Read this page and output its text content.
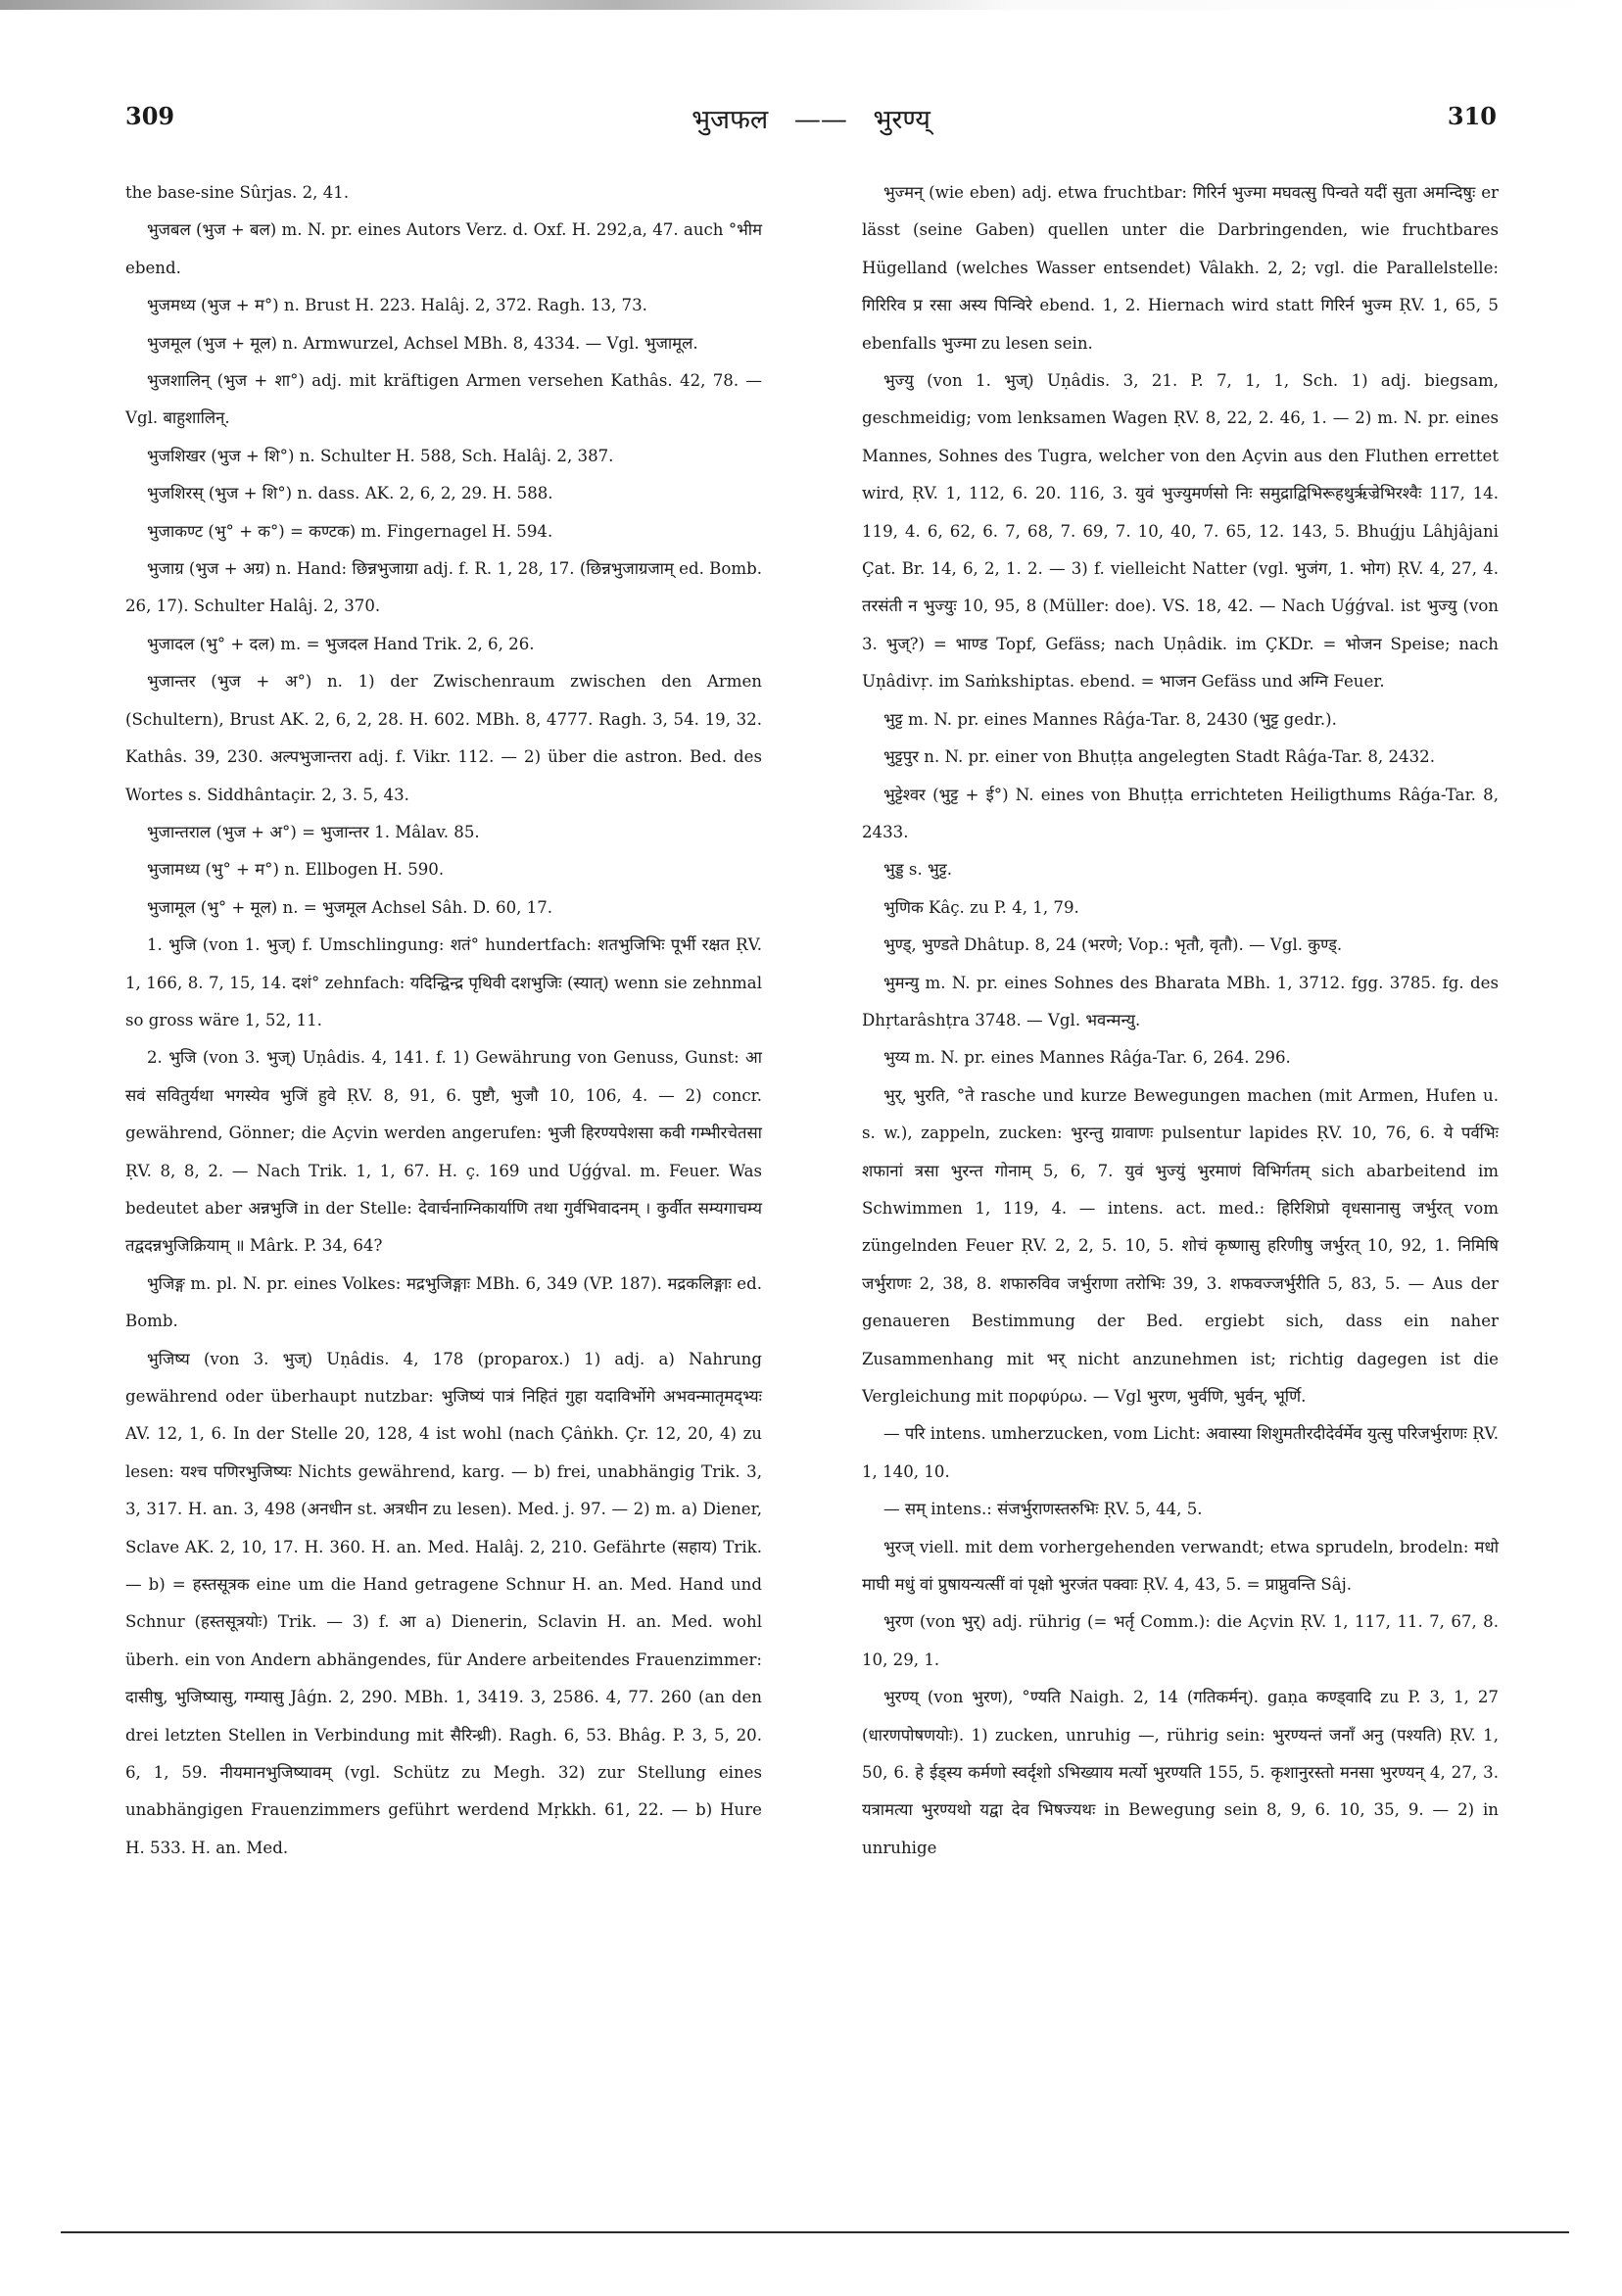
309	भुजफल —— भुरण्य्	310

the base-sine Sûrjas. 2, 41.

भुजबल (भुज + बल) m. N. pr. eines Autors Verz. d. Oxf. H. 292,a, 47. auch °भीम ebend.

भुजमध्य (भुज + म°) n. Brust H. 223. Halâj. 2, 372. Ragh. 13, 73.

भुजमूल (भुज + मूल) n. Armwurzel, Achsel MBh. 8, 4334. — Vgl. भुजामूल.

भुजशालिन् (भुज + शा°) adj. mit kräftigen Armen versehen Kathâs. 42, 78. — Vgl. बाहुशालिन्.

भुजशिखर (भुज + शि°) n. Schulter H. 588, Sch. Halâj. 2, 387.

भुजशिरस् (भुज + शि°) n. dass. AK. 2, 6, 2, 29. H. 588.

भुजाकण्ट (भु° + क°) = कण्टक) m. Fingernagel H. 594.

भुजाग्र (भुज + अग्र) n. Hand: छिन्नभुजाग्रा adj. f. R. 1, 28, 17. (छिन्नभुजाग्रजाम् ed. Bomb. 26, 17). Schulter Halâj. 2, 370.

भुजादल (भु° + दल) m. = भुजदल Hand Trik. 2, 6, 26.

भुजान्तर (भुज + अ°) n. 1) der Zwischenraum zwischen den Armen (Schultern), Brust AK. 2, 6, 2, 28. H. 602. MBh. 8, 4777. Ragh. 3, 54. 19, 32. Kathâs. 39, 230. अल्पभुजान्तरा adj. f. Vikr. 112. — 2) über die astron. Bed. des Wortes s. Siddhântaçir. 2, 3. 5, 43.

भुजान्तराल (भुज + अ°) = भुजान्तर 1. Mâlav. 85.

भुजामध्य (भु° + म°) n. Ellbogen H. 590.

भुजामूल (भु° + मूल) n. = भुजमूल Achsel Sâh. D. 60, 17.

1. भुजि (von 1. भुज्) f. Umschlingung: शतं° hundertfach: शतभुजिभिः पूर्भी रक्षत ṚV. 1, 166, 8. 7, 15, 14. दशं° zehnfach: यदिन्द्विन्द्र पृथिवी दशभुजिः (स्यात्) wenn sie zehnmal so gross wäre 1, 52, 11.

2. भुजि (von 3. भुज्) Uṇâdis. 4, 141. f. 1) Gewährung von Genuss, Gunst: आ सवं सवितुर्यथा भगस्येव भुजिं हुवे ṚV. 8, 91, 6. पुष्टौ, भुजौ 10, 106, 4. — 2) concr. gewährend, Gönner; die Açvin werden angerufen: भुजी हिरण्यपेशसा कवी गम्भीरचेतसा ṚV. 8, 8, 2. — Nach Trik. 1, 1, 67. H. ç. 169 und Uǵǵval. m. Feuer. Was bedeutet aber अन्नभुजि in der Stelle: देवार्चनाग्निकार्याणि तथा गुर्वभिवादनम् । कुर्वीत सम्यगाचम्य तद्वदन्नभुजिक्रियाम् ॥ Mârk. P. 34, 64?

भुजिङ्ग m. pl. N. pr. eines Volkes: मद्रभुजिङ्गाः MBh. 6, 349 (VP. 187). मद्रकलिङ्गाः ed. Bomb.

भुजिष्य (von 3. भुज्) Uṇâdis. 4, 178 (proparox.) 1) adj. a) Nahrung gewährend oder überhaupt nutzbar: भुजिष्यं पात्रं निहितं गुहा यदाविर्भोगे अभवन्मातृमद्भ्यः AV. 12, 1, 6. In der Stelle 20, 128, 4 ist wohl (nach Çâṅkh. Çr. 12, 20, 4) zu lesen: यश्च पणिरभुजिष्यः Nichts gewährend, karg. — b) frei, unabhängig Trik. 3, 3, 317. H. an. 3, 498 (अनधीन st. अत्रधीन zu lesen). Med. j. 97. — 2) m. a) Diener, Sclave AK. 2, 10, 17. H. 360. H. an. Med. Halâj. 2, 210. Gefährte (सहाय) Trik. — b) = हस्तसूत्रक eine um die Hand getragene Schnur H. an. Med. Hand und Schnur (हस्तसूत्रयोः) Trik. — 3) f. आ a) Dienerin, Sclavin H. an. Med. wohl überh. ein von Andern abhängendes, für Andere arbeitendes Frauenzimmer: दासीषु, भुजिष्यासु, गम्यासु Jâǵn. 2, 290. MBh. 1, 3419. 3, 2586. 4, 77. 260 (an den drei letzten Stellen in Verbindung mit सैरिन्ध्री). Ragh. 6, 53. Bhâg. P. 3, 5, 20. 6, 1, 59. नीयमानभुजिष्यावम् (vgl. Schütz zu Megh. 32) zur Stellung eines unabhängigen Frauenzimmers geführt werdend Mṛkkh. 61, 22. — b) Hure H. 533. H. an. Med.

भुज्मन् (wie eben) adj. etwa fruchtbar: गिरिर्न भुज्मा मघवत्सु पिन्वते यदीं सुता अमन्दिषुः er lässt (seine Gaben) quellen unter die Darbringenden, wie fruchtbares Hügelland (welches Wasser entsendet) Vâlakh. 2, 2; vgl. die Parallelstelle: गिरिरिव प्र रसा अस्य पिन्विरे ebend. 1, 2. Hiernach wird statt गिरिर्न भुज्म ṚV. 1, 65, 5 ebenfalls भुज्मा zu lesen sein.

भुज्यु (von 1. भुज्) Uṇâdis. 3, 21. P. 7, 1, 1, Sch. 1) adj. biegsam, geschmeidig; vom lenksamen Wagen ṚV. 8, 22, 2. 46, 1. — 2) m. N. pr. eines Mannes, Sohnes des Tugra, welcher von den Açvin aus den Fluthen errettet wird, ṚV. 1, 112, 6. 20. 116, 3. युवं भुज्युमर्णसो निः समुद्राद्विभिरूहथुर्ऋज्रेभिरश्वैः 117, 14. 119, 4. 6, 62, 6. 7, 68, 7. 69, 7. 10, 40, 7. 65, 12. 143, 5. Bhuǵju Lâhjâjani Çat. Br. 14, 6, 2, 1. 2. — 3) f. vielleicht Natter (vgl. भुजंग, 1. भोग) ṚV. 4, 27, 4. तरसंती न भुज्युः 10, 95, 8 (Müller: doe). VS. 18, 42. — Nach Uǵǵval. ist भुज्यु (von 3. भुज्?) = भाण्ड Topf, Gefäss; nach Uṇâdik. im ÇKDr. = भोजन Speise; nach Uṇâdivṛ. im Saṁkshiptas. ebend. = भाजन Gefäss und अग्नि Feuer.

भुट्ट m. N. pr. eines Mannes Râǵa-Tar. 8, 2430 (भुट्ट gedr.).

भुट्टपुर n. N. pr. einer von Bhuṭṭa angelegten Stadt Râǵa-Tar. 8, 2432.

भुट्टेश्वर (भुट्ट + ई°) N. eines von Bhuṭṭa errichteten Heiligthums Râǵa-Tar. 8, 2433.

भुड्ड s. भुट्ट.

भुणिक Kâç. zu P. 4, 1, 79.

भुण्ड्, भुण्डते Dhâtup. 8, 24 (भरणे; Vop.: भृतौ, वृतौ). — Vgl. कुण्ड्.

भुमन्यु m. N. pr. eines Sohnes des Bharata MBh. 1, 3712. fgg. 3785. fg. des Dhṛtarâshṭra 3748. — Vgl. भवन्मन्यु.

भुय्य m. N. pr. eines Mannes Râǵa-Tar. 6, 264. 296.

भुर्, भुरति, °ते rasche und kurze Bewegungen machen (mit Armen, Hufen u. s. w.), zappeln, zucken: भुरन्तु ग्रावाणः pulsentur lapides ṚV. 10, 76, 6. ये पर्वभिः शफानां त्रसा भुरन्त गोनाम् 5, 6, 7. युवं भुज्युं भुरमाणं विभिर्गतम् sich abarbeitend im Schwimmen 1, 119, 4. — intens. act. med.: हिरिशिप्रो वृधसानासु जर्भुरत् vom züngelnden Feuer ṚV. 2, 2, 5. 10, 5. शोचं कृष्णासु हरिणीषु जर्भुरत् 10, 92, 1. निमिषि जर्भुराणः 2, 38, 8. शफारुविव जर्भुराणा तरोभिः 39, 3. शफवज्जर्भुरीति 5, 83, 5. — Aus der genaueren Bestimmung der Bed. ergiebt sich, dass ein naher Zusammenhang mit भर् nicht anzunehmen ist; richtig dagegen ist die Vergleichung mit πορφύρω. — Vgl भुरण, भुर्वणि, भुर्वन्, भूर्णि.

— परि intens. umherzucken, vom Licht: अवास्या शिशुमतीरदीदेर्वर्मेव युत्सु परिजर्भुराणः ṚV. 1, 140, 10.

— सम् intens.: संजर्भुराणस्तरुभिः ṚV. 5, 44, 5.

भुरज् viell. mit dem vorhergehenden verwandt; etwa sprudeln, brodeln: मधो माघी मधुं वां प्रुषायन्यत्सीं वां पृक्षो भुरजंत पक्वाः ṚV. 4, 43, 5. = प्राप्नुवन्ति Sâj.

भुरण (von भुर्) adj. rührig (= भर्तृ Comm.): die Açvin ṚV. 1, 117, 11. 7, 67, 8. 10, 29, 1.

भुरण्य् (von भुरण), °ण्यति Naigh. 2, 14 (गतिकर्मन्). gaṇa कण्ड्वादि zu P. 3, 1, 27 (धारणपोषणयोः). 1) zucken, unruhig —, rührig sein: भुरण्यन्तं जनाँ अनु (पश्यति) ṚV. 1, 50, 6. हे ईड्स्य कर्मणो स्वर्दृशो ऽभिख्याय मर्त्यो भुरण्यति 155, 5. कृशानुरस्तो मनसा भुरण्यन् 4, 27, 3. यत्रामत्या भुरण्यथो यद्वा देव भिषज्यथः in Bewegung sein 8, 9, 6. 10, 35, 9. — 2) in unruhige
